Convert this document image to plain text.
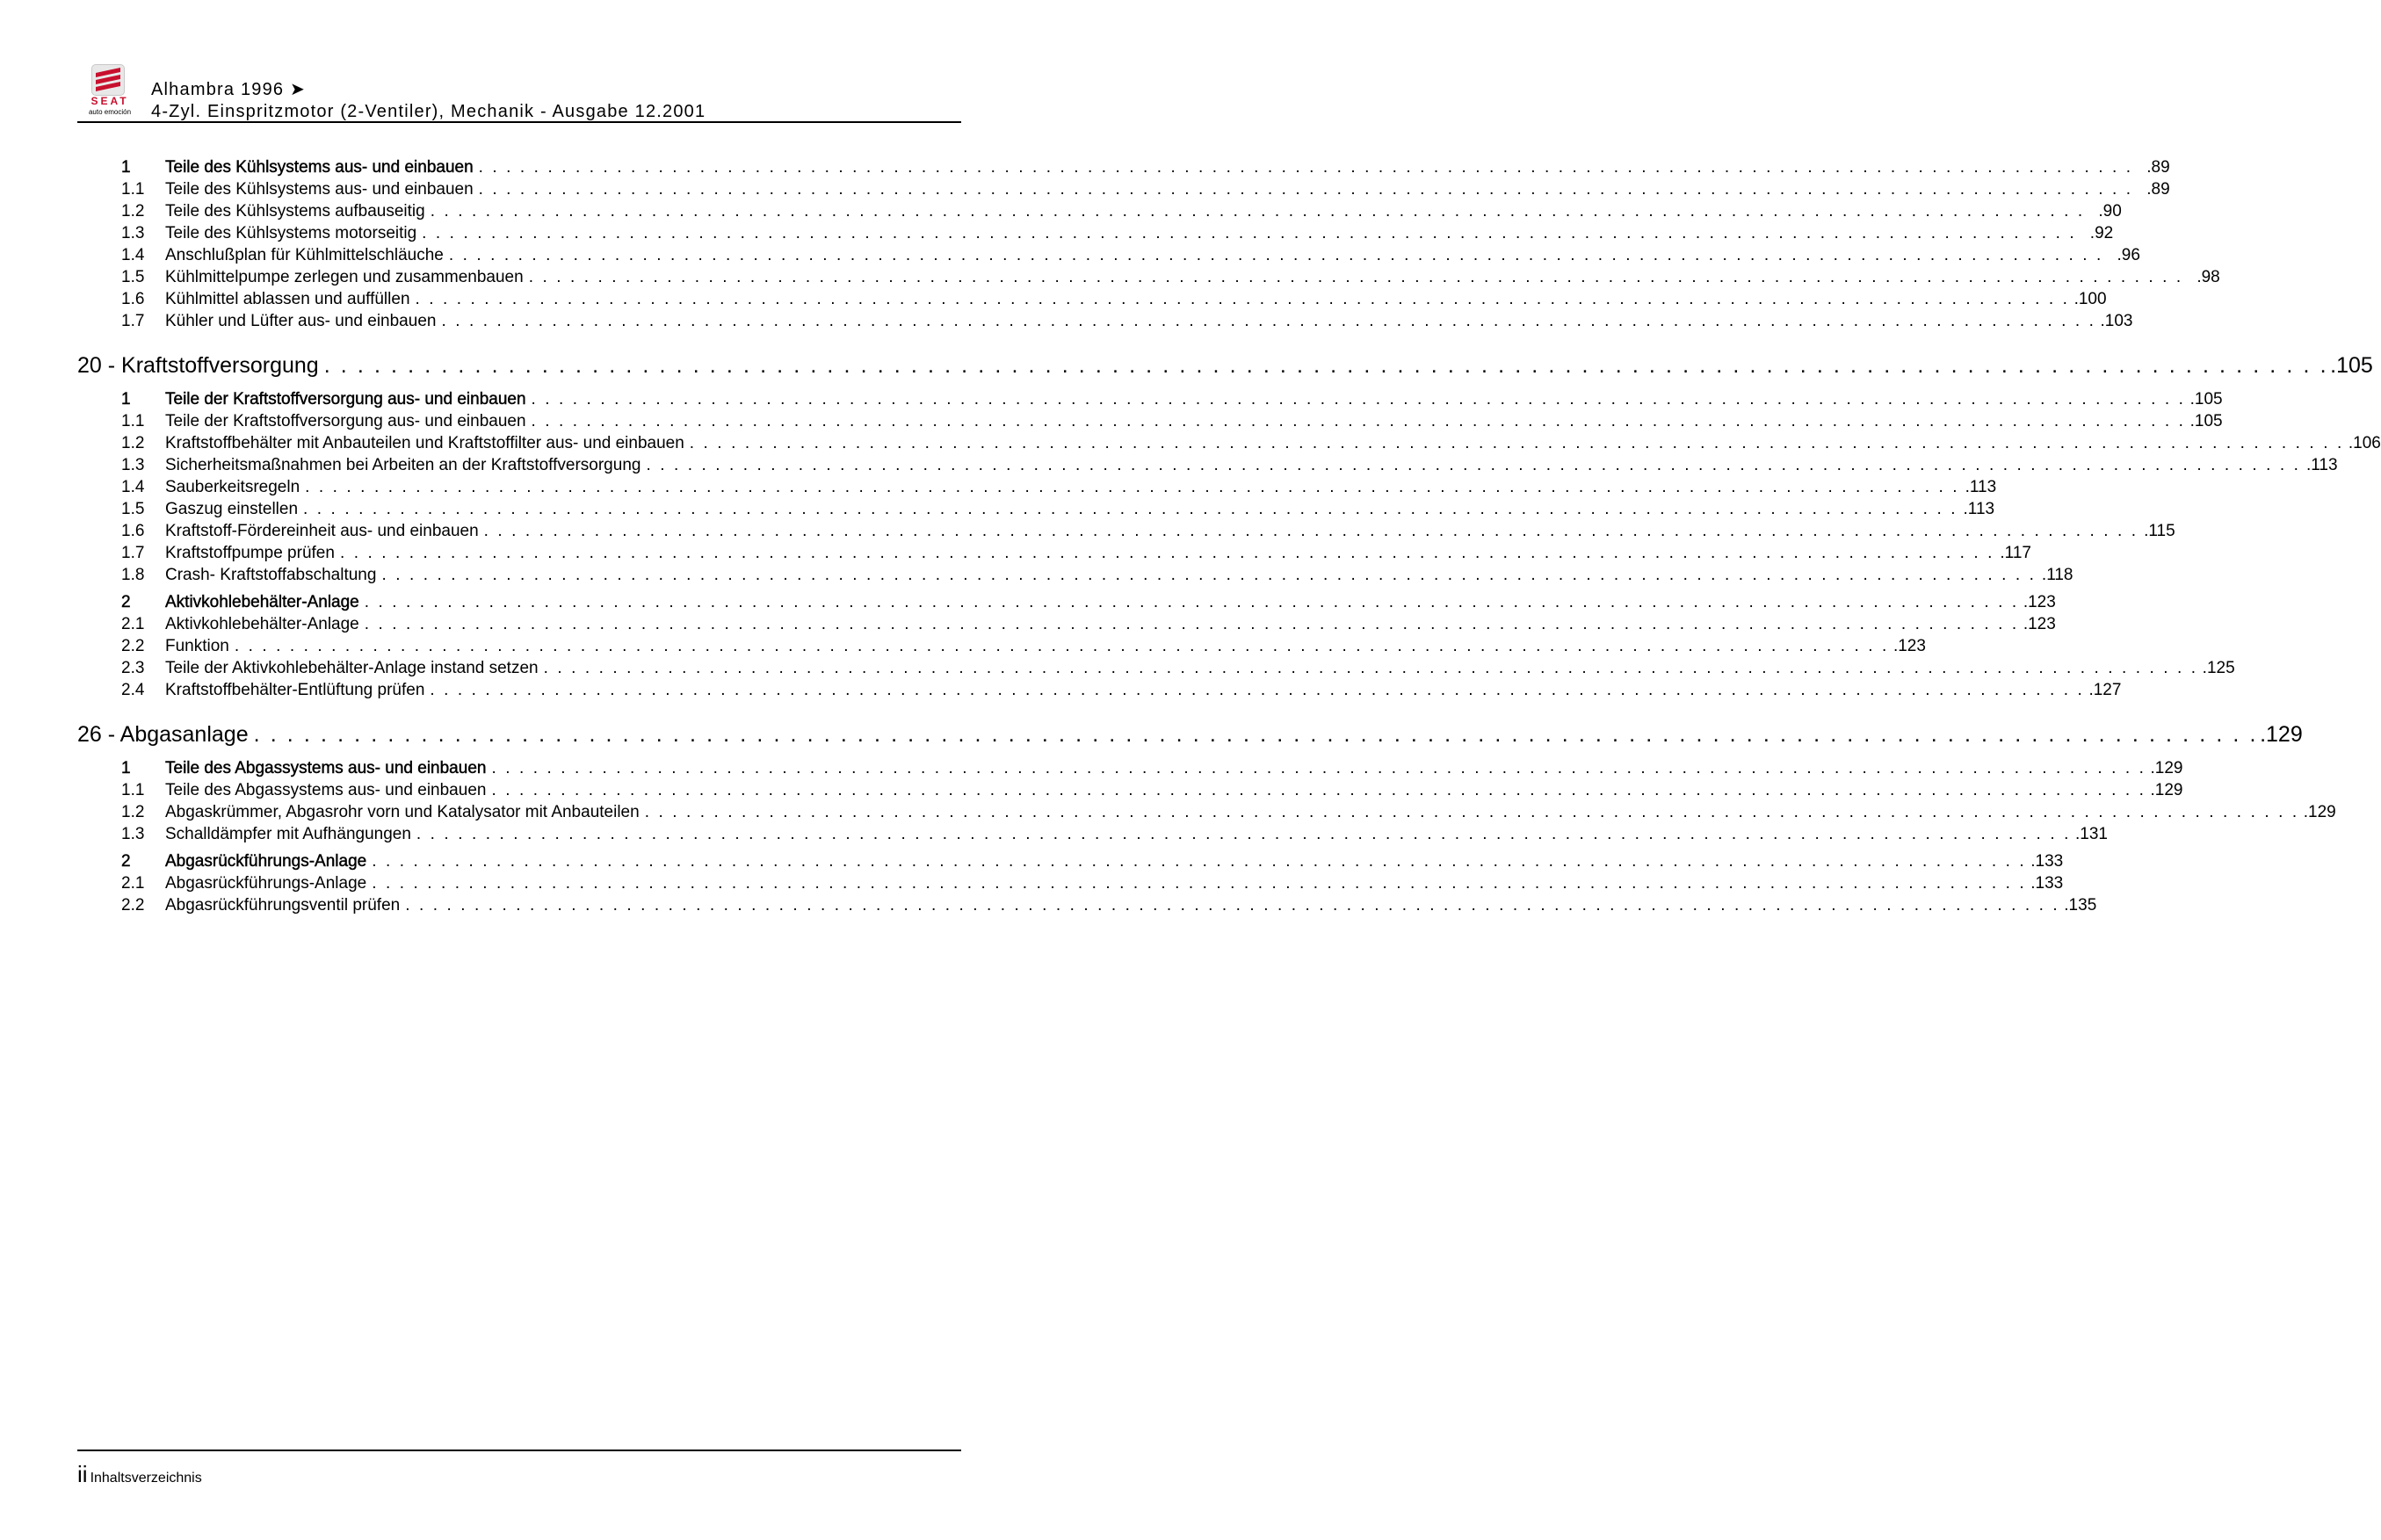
SEAT
auto emoción
Alhambra 1996 ➤
4-Zyl. Einspritzmotor (2-Ventiler), Mechanik - Ausgabe 12.2001
1	Teile des Kühlsystems aus- und einbauen . . . . . . . . . . . . . . . . . . . . . . . . . . . . . . . . . . . . . . . . . . . . . . . . . . . . . . . . . . . . . . . . . . . . . . . . . . . . . . . . . . . . . . . . . . . . . . . . . . . . . . . . . . . . . . . . . . . . . . . . .89
1.1	Teile des Kühlsystems aus- und einbauen . . . . . . . . . . . . . . . . . . . . . . . . . . . . . . . . . . . . . . . . . . . . . . . . . . . . . . . . . . . . . . . . . . . . . . . . . . . . . . . . . . . . . . . . . . . . . . . . . . . . . . . . . . . . . . . . . . . . . . . . .89
1.2	Teile des Kühlsystems aufbauseitig . . . . . . . . . . . . . . . . . . . . . . . . . . . . . . . . . . . . . . . . . . . . . . . . . . . . . . . . . . . . . . . . . . . . . . . . . . . . . . . . . . . . . . . . . . . . . . . . . . . . . . . . . . . . . . . . . . . . . . . . .90
1.3	Teile des Kühlsystems motorseitig . . . . . . . . . . . . . . . . . . . . . . . . . . . . . . . . . . . . . . . . . . . . . . . . . . . . . . . . . . . . . . . . . . . . . . . . . . . . . . . . . . . . . . . . . . . . . . . . . . . . . . . . . . . . . . . . . . . . . . . . .92
1.4	Anschlußplan für Kühlmittelschläuche . . . . . . . . . . . . . . . . . . . . . . . . . . . . . . . . . . . . . . . . . . . . . . . . . . . . . . . . . . . . . . . . . . . . . . . . . . . . . . . . . . . . . . . . . . . . . . . . . . . . . . . . . . . . . . . . . . . . . . . . .96
1.5	Kühlmittelpumpe zerlegen und zusammenbauen . . . . . . . . . . . . . . . . . . . . . . . . . . . . . . . . . . . . . . . . . . . . . . . . . . . . . . . . . . . . . . . . . . . . . . . . . . . . . . . . . . . . . . . . . . . . . . . . . . . . . . . . . . . . . . . . . . . . . . . . .98
1.6	Kühlmittel ablassen und auffüllen . . . . . . . . . . . . . . . . . . . . . . . . . . . . . . . . . . . . . . . . . . . . . . . . . . . . . . . . . . . . . . . . . . . . . . . . . . . . . . . . . . . . . . . . . . . . . . . . . . . . . . . . . . . . . . . . . . . . . . . . .100
1.7	Kühler und Lüfter aus- und einbauen . . . . . . . . . . . . . . . . . . . . . . . . . . . . . . . . . . . . . . . . . . . . . . . . . . . . . . . . . . . . . . . . . . . . . . . . . . . . . . . . . . . . . . . . . . . . . . . . . . . . . . . . . . . . . . . . . . . . . . . . .103
20 - Kraftstoffversorgung . . . . . . . . . . . . . . . . . . . . . . . . . . . . . . . . . . . . . . . . . . . . . . . . . . . . . . . . . . . . . . . . . . . . . . . . . . . . . . . . . . . . . . . . . . . . . . . . . . . . . . . . . . . . . . . . . . . . . . . . .105
1	Teile der Kraftstoffversorgung aus- und einbauen . . . . . . . . . . . . . . . . . . . . . . . . . . . . . . . . . . . . . . . . . . . . . . . . . . . . . . . . . . . . . . . . . . . . . . . . . . . . . . . . . . . . . . . . . . . . . . . . . . . . . . . . . . . . . . . . . . . . . . . . .105
1.1	Teile der Kraftstoffversorgung aus- und einbauen . . . . . . . . . . . . . . . . . . . . . . . . . . . . . . . . . . . . . . . . . . . . . . . . . . . . . . . . . . . . . . . . . . . . . . . . . . . . . . . . . . . . . . . . . . . . . . . . . . . . . . . . . . . . . . . . . . . . . . . . .105
1.2	Kraftstoffbehälter mit Anbauteilen und Kraftstoffilter aus- und einbauen . . . . . . . . . . . . . . . . . . . . . . . . . . . . . . . . . . . . . . . . . . . . . . . . . . . . . . . . . . . . . . . . . . . . . . . . . . . . . . . . . . . . . . . . . . . . . . . . . . . . . . . . . . . . . . . . . . . . . . . . .106
1.3	Sicherheitsmaßnahmen bei Arbeiten an der Kraftstoffversorgung . . . . . . . . . . . . . . . . . . . . . . . . . . . . . . . . . . . . . . . . . . . . . . . . . . . . . . . . . . . . . . . . . . . . . . . . . . . . . . . . . . . . . . . . . . . . . . . . . . . . . . . . . . . . . . . . . . . . . . . . .113
1.4	Sauberkeitsregeln . . . . . . . . . . . . . . . . . . . . . . . . . . . . . . . . . . . . . . . . . . . . . . . . . . . . . . . . . . . . . . . . . . . . . . . . . . . . . . . . . . . . . . . . . . . . . . . . . . . . . . . . . . . . . . . . . . . . . . . . .113
1.5	Gaszug einstellen . . . . . . . . . . . . . . . . . . . . . . . . . . . . . . . . . . . . . . . . . . . . . . . . . . . . . . . . . . . . . . . . . . . . . . . . . . . . . . . . . . . . . . . . . . . . . . . . . . . . . . . . . . . . . . . . . . . . . . . . .113
1.6	Kraftstoff-Fördereinheit aus- und einbauen . . . . . . . . . . . . . . . . . . . . . . . . . . . . . . . . . . . . . . . . . . . . . . . . . . . . . . . . . . . . . . . . . . . . . . . . . . . . . . . . . . . . . . . . . . . . . . . . . . . . . . . . . . . . . . . . . . . . . . . . .115
1.7	Kraftstoffpumpe prüfen . . . . . . . . . . . . . . . . . . . . . . . . . . . . . . . . . . . . . . . . . . . . . . . . . . . . . . . . . . . . . . . . . . . . . . . . . . . . . . . . . . . . . . . . . . . . . . . . . . . . . . . . . . . . . . . . . . . . . . . . .117
1.8	Crash- Kraftstoffabschaltung . . . . . . . . . . . . . . . . . . . . . . . . . . . . . . . . . . . . . . . . . . . . . . . . . . . . . . . . . . . . . . . . . . . . . . . . . . . . . . . . . . . . . . . . . . . . . . . . . . . . . . . . . . . . . . . . . . . . . . . . .118
2	Aktivkohlebehälter-Anlage . . . . . . . . . . . . . . . . . . . . . . . . . . . . . . . . . . . . . . . . . . . . . . . . . . . . . . . . . . . . . . . . . . . . . . . . . . . . . . . . . . . . . . . . . . . . . . . . . . . . . . . . . . . . . . . . . . . . . . . . .123
2.1	Aktivkohlebehälter-Anlage . . . . . . . . . . . . . . . . . . . . . . . . . . . . . . . . . . . . . . . . . . . . . . . . . . . . . . . . . . . . . . . . . . . . . . . . . . . . . . . . . . . . . . . . . . . . . . . . . . . . . . . . . . . . . . . . . . . . . . . . .123
2.2	Funktion . . . . . . . . . . . . . . . . . . . . . . . . . . . . . . . . . . . . . . . . . . . . . . . . . . . . . . . . . . . . . . . . . . . . . . . . . . . . . . . . . . . . . . . . . . . . . . . . . . . . . . . . . . . . . . . . . . . . . . . . .123
2.3	Teile der Aktivkohlebehälter-Anlage instand setzen . . . . . . . . . . . . . . . . . . . . . . . . . . . . . . . . . . . . . . . . . . . . . . . . . . . . . . . . . . . . . . . . . . . . . . . . . . . . . . . . . . . . . . . . . . . . . . . . . . . . . . . . . . . . . . . . . . . . . . . . .125
2.4	Kraftstoffbehälter-Entlüftung prüfen . . . . . . . . . . . . . . . . . . . . . . . . . . . . . . . . . . . . . . . . . . . . . . . . . . . . . . . . . . . . . . . . . . . . . . . . . . . . . . . . . . . . . . . . . . . . . . . . . . . . . . . . . . . . . . . . . . . . . . . . .127
26 - Abgasanlage . . . . . . . . . . . . . . . . . . . . . . . . . . . . . . . . . . . . . . . . . . . . . . . . . . . . . . . . . . . . . . . . . . . . . . . . . . . . . . . . . . . . . . . . . . . . . . . . . . . . . . . . . . . . . . . . . . . . . . . . .129
1	Teile des Abgassystems aus- und einbauen . . . . . . . . . . . . . . . . . . . . . . . . . . . . . . . . . . . . . . . . . . . . . . . . . . . . . . . . . . . . . . . . . . . . . . . . . . . . . . . . . . . . . . . . . . . . . . . . . . . . . . . . . . . . . . . . . . . . . . . . .129
1.1	Teile des Abgassystems aus- und einbauen . . . . . . . . . . . . . . . . . . . . . . . . . . . . . . . . . . . . . . . . . . . . . . . . . . . . . . . . . . . . . . . . . . . . . . . . . . . . . . . . . . . . . . . . . . . . . . . . . . . . . . . . . . . . . . . . . . . . . . . . .129
1.2	Abgaskrümmer, Abgasrohr vorn und Katalysator mit Anbauteilen . . . . . . . . . . . . . . . . . . . . . . . . . . . . . . . . . . . . . . . . . . . . . . . . . . . . . . . . . . . . . . . . . . . . . . . . . . . . . . . . . . . . . . . . . . . . . . . . . . . . . . . . . . . . . . . . . . . . . . . . .129
1.3	Schalldämpfer mit Aufhängungen . . . . . . . . . . . . . . . . . . . . . . . . . . . . . . . . . . . . . . . . . . . . . . . . . . . . . . . . . . . . . . . . . . . . . . . . . . . . . . . . . . . . . . . . . . . . . . . . . . . . . . . . . . . . . . . . . . . . . . . . .131
2	Abgasrückführungs-Anlage . . . . . . . . . . . . . . . . . . . . . . . . . . . . . . . . . . . . . . . . . . . . . . . . . . . . . . . . . . . . . . . . . . . . . . . . . . . . . . . . . . . . . . . . . . . . . . . . . . . . . . . . . . . . . . . . . . . . . . . . .133
2.1	Abgasrückführungs-Anlage . . . . . . . . . . . . . . . . . . . . . . . . . . . . . . . . . . . . . . . . . . . . . . . . . . . . . . . . . . . . . . . . . . . . . . . . . . . . . . . . . . . . . . . . . . . . . . . . . . . . . . . . . . . . . . . . . . . . . . . . .133
2.2	Abgasrückführungsventil prüfen . . . . . . . . . . . . . . . . . . . . . . . . . . . . . . . . . . . . . . . . . . . . . . . . . . . . . . . . . . . . . . . . . . . . . . . . . . . . . . . . . . . . . . . . . . . . . . . . . . . . . . . . . . . . . . . . . . . . . . . . .135
ii Inhaltsverzeichnis
